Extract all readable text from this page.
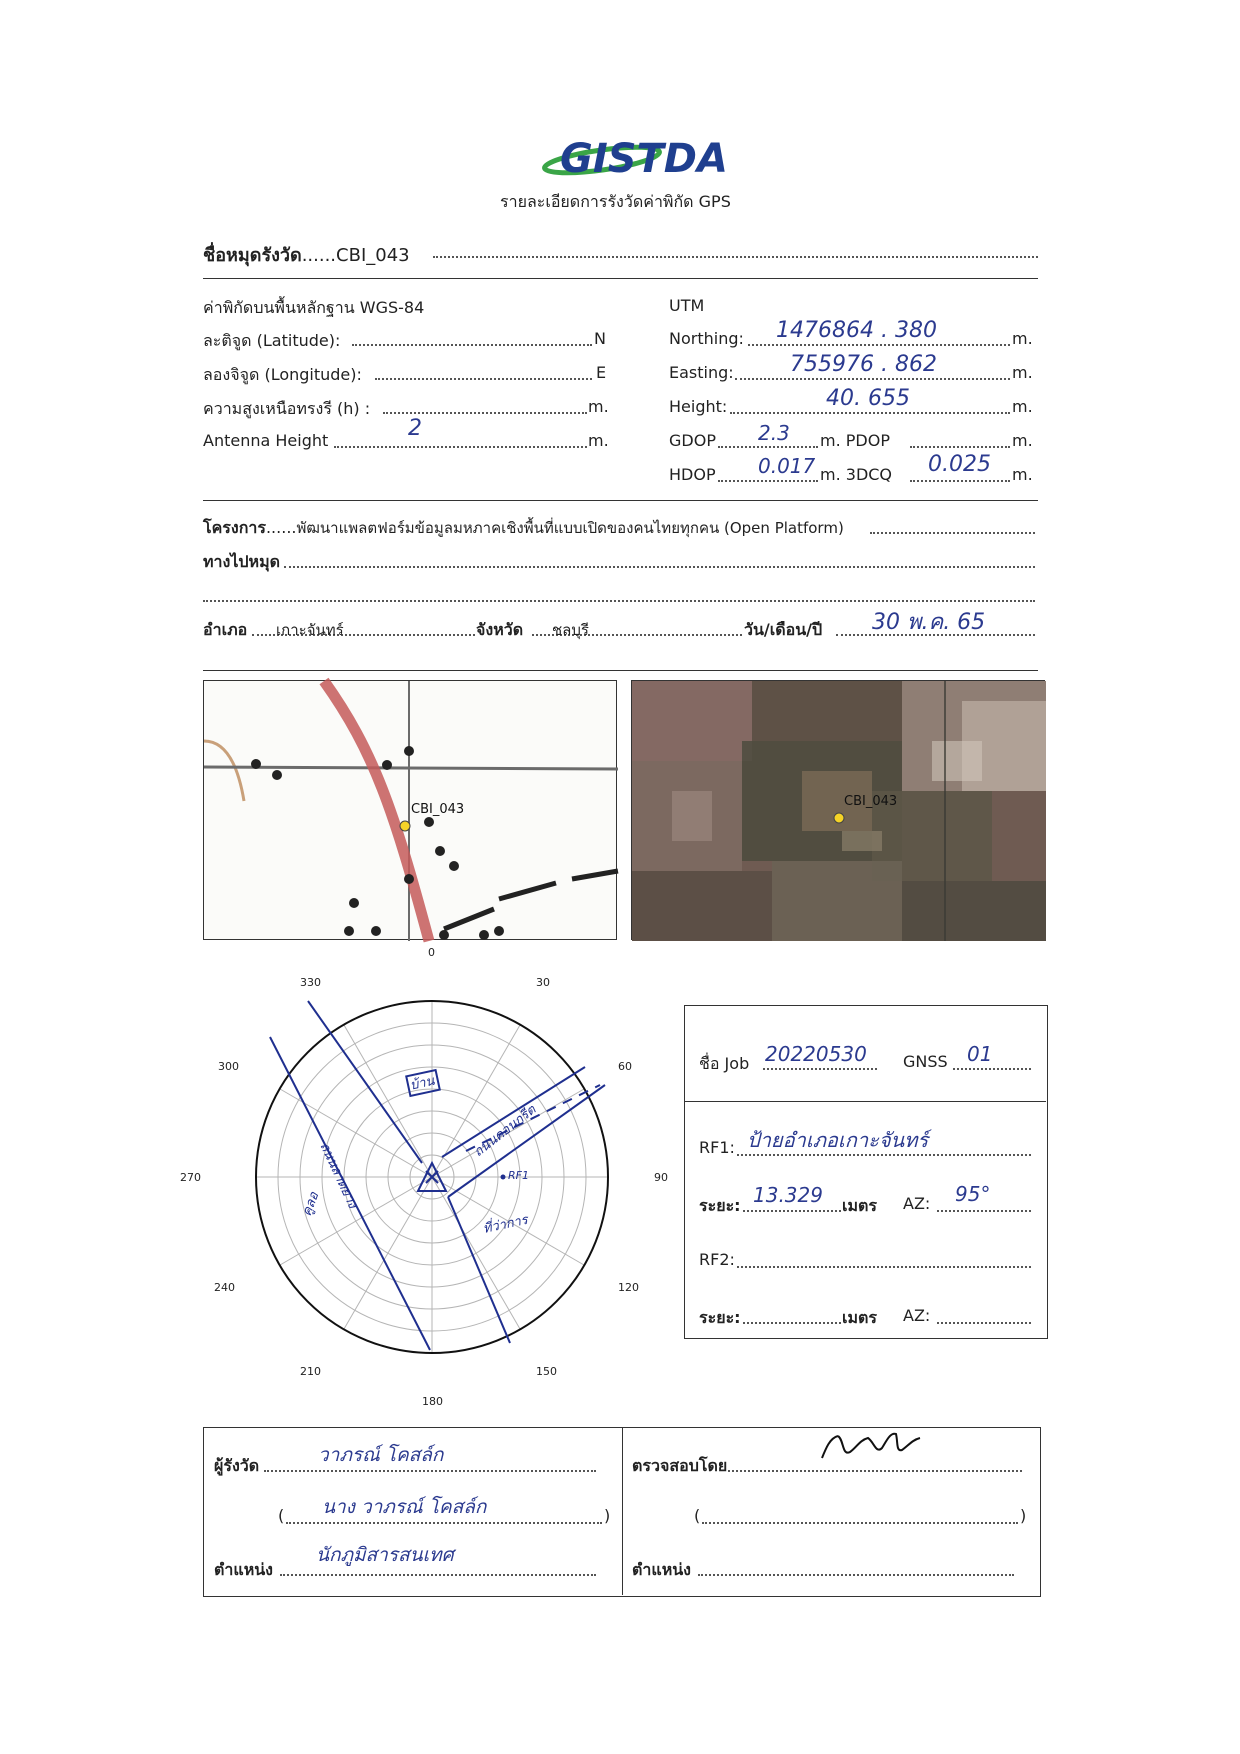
GISTDA
รายละเอียดการรังวัดค่าพิกัด GPS
ชื่อหมุดรังวัด......CBI_043
ค่าพิกัดบนพื้นหลักฐาน WGS-84
ละติจูด (Latitude):	N
ลองจิจูด (Longitude):	E
ความสูงเหนือทรงรี (h) :	m.
Antenna Height	2	m.
UTM
Northing: 1476864 . 380	m.
Easting:	755976 . 862	m.
Height:	40. 655	m.
GDOP 2.3 m. PDOP	m.
HDOP 0.017 m. 3DCQ 0.025 m.
โครงการ......พัฒนาแพลตฟอร์มข้อมูลมหภาคเชิงพื้นที่แบบเปิดของคนไทยทุกคน (Open Platform)
ทางไปหมุด
อำเภอ เกาะจันทร์	จังหวัด ชลบุรี	วัน/เดือน/ปี 30 พ.ค. 65
CBI_043
CBI_043
0
30
60
90
120
150
180
210
240
270
300
330
บ้าน
ถนนลาดยาง
คูลอ
ถนนคอนกรีต
RF1
ที่ว่าการ
ชื่อ Job 20220530 GNSS 01
RF1: ป้ายอำเภอเกาะจันทร์
ระยะ: 13.329 เมตร AZ: 95°
RF2:
ระยะ:	เมตร AZ:
ผู้รังวัด	วาภรณ์ โคสล์ก
( นาง วาภรณ์ โคสล์ก	)
ตำแหน่ง
นักภูมิสารสนเทศ
ตรวจสอบโดย
(	)
ตำแหน่ง
